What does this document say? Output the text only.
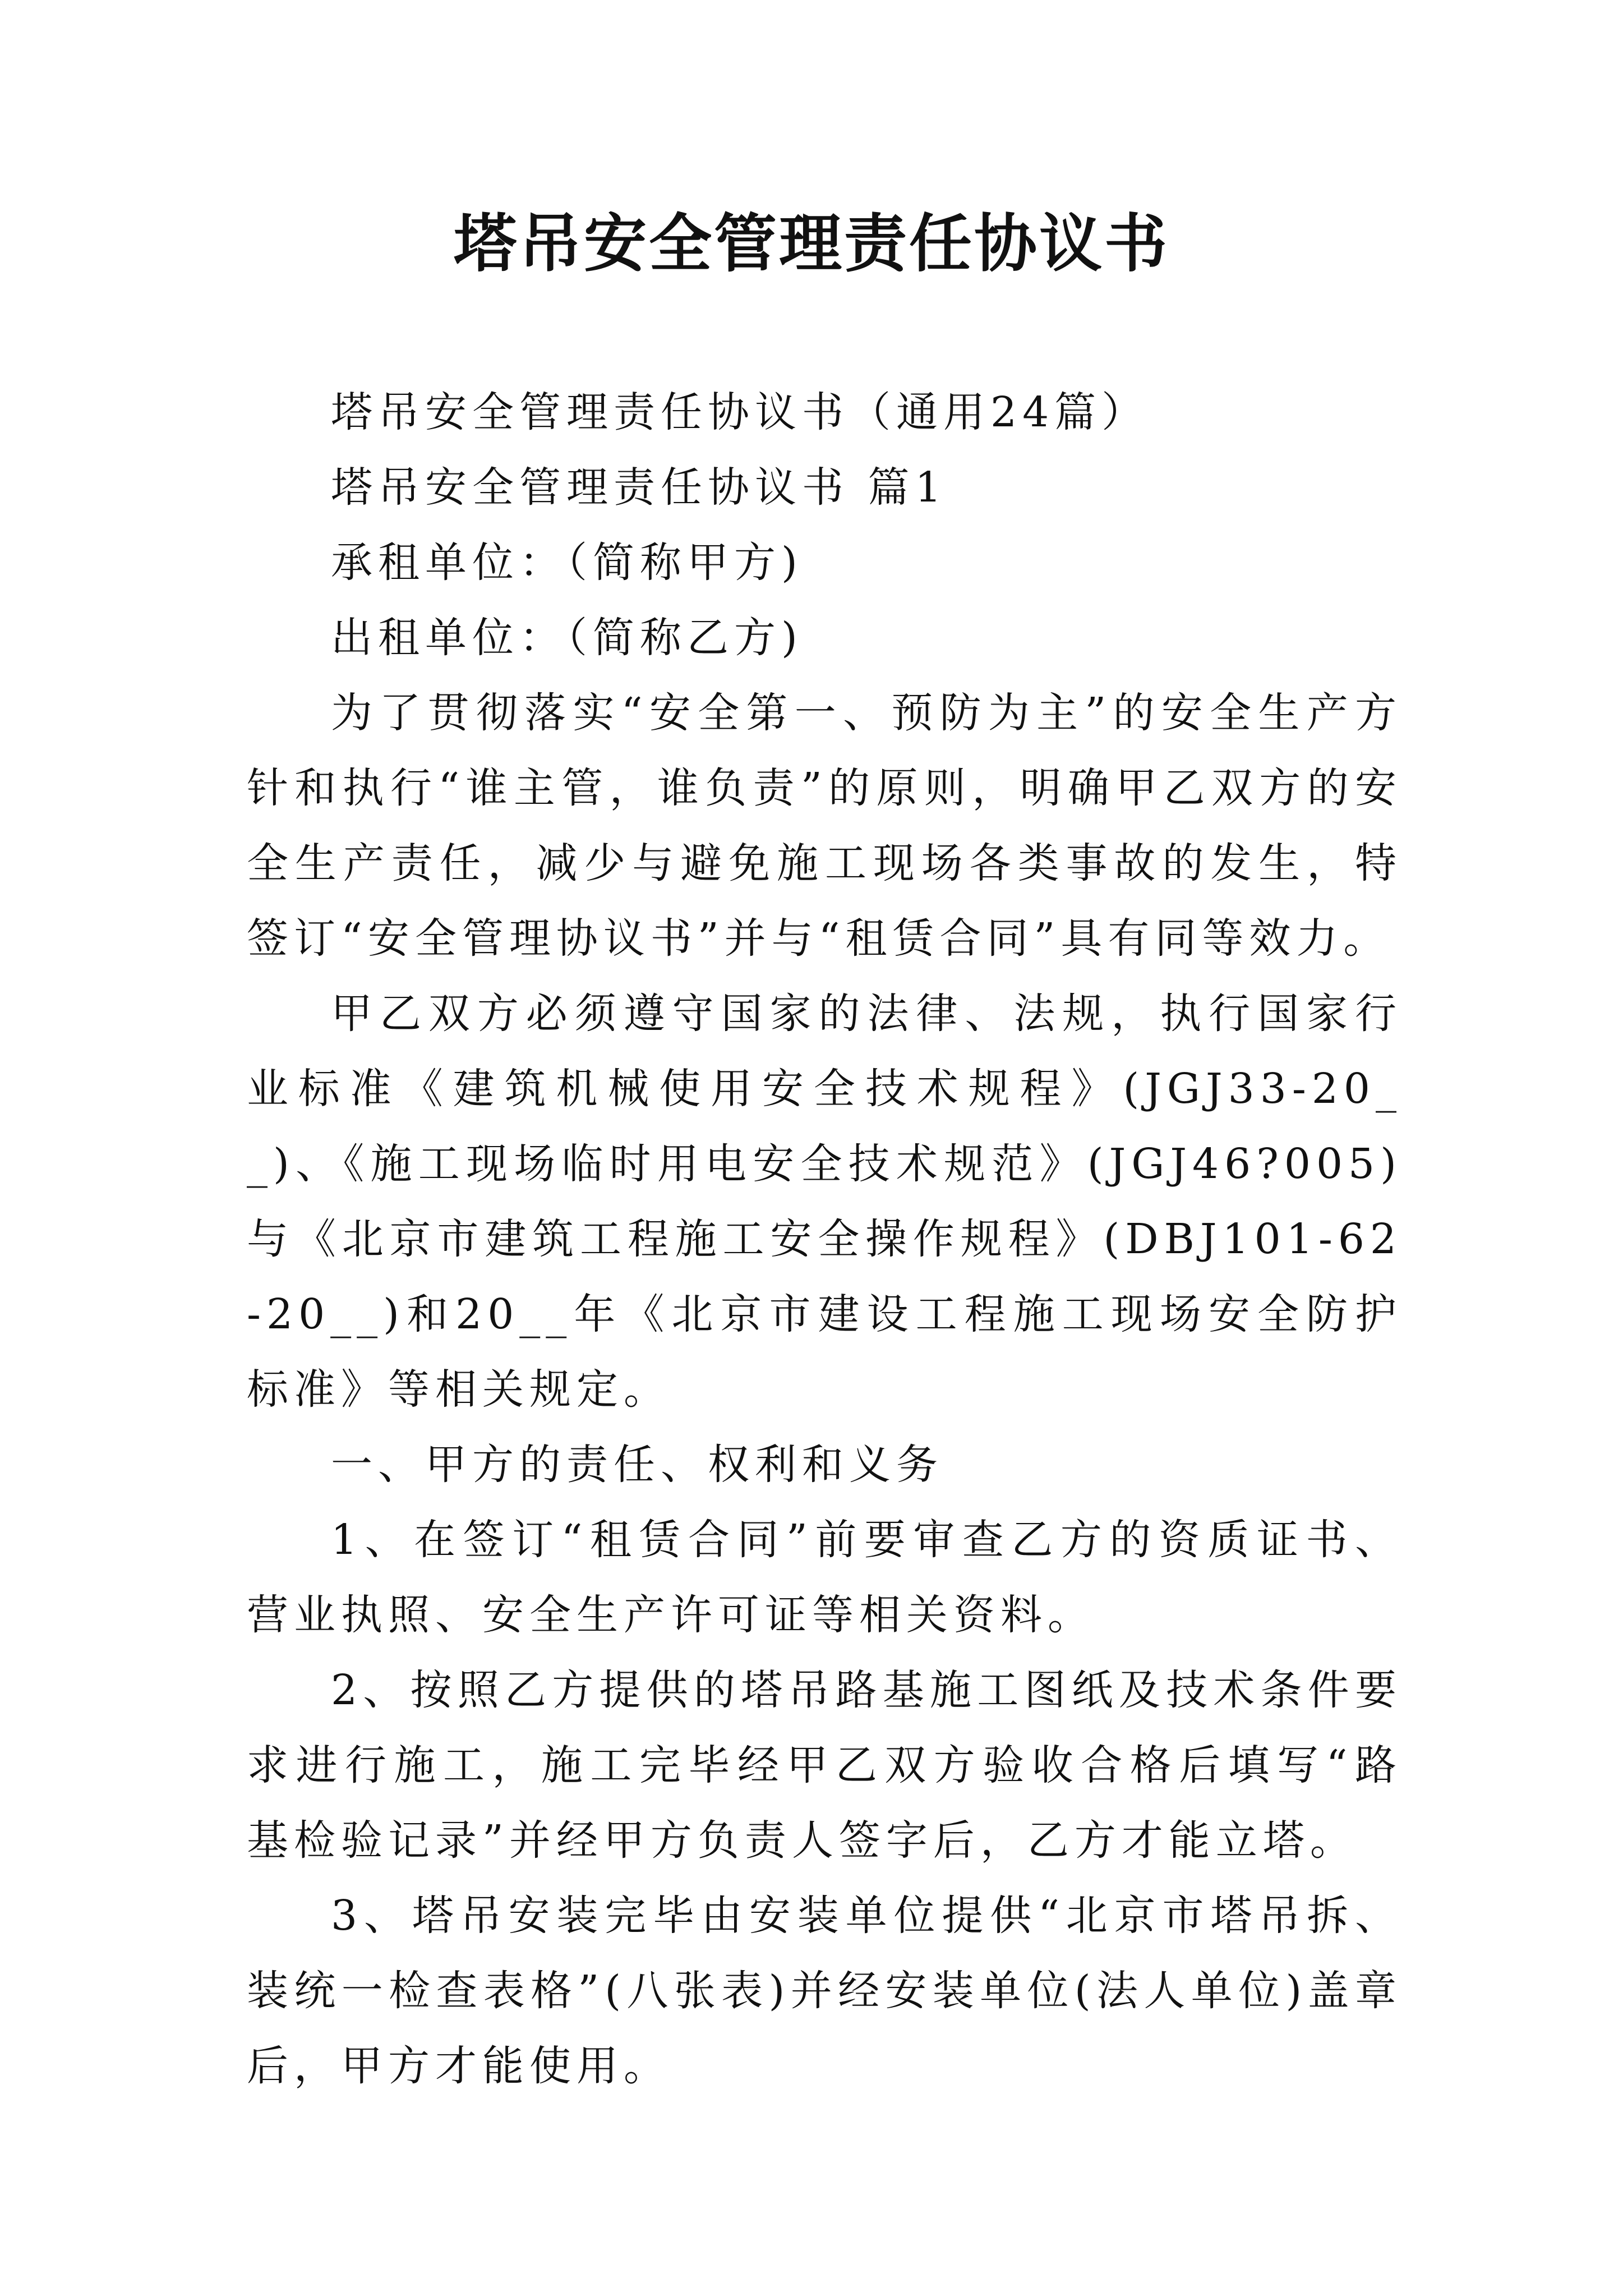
塔吊安全管理责任协议书

塔吊安全管理责任协议书（通用24篇）

塔吊安全管理责任协议书 篇1

承租单位：（简称甲方)

出租单位：（简称乙方)

为了贯彻落实“安全第一、预防为主”的安全生产方针和执行“谁主管，谁负责”的原则，明确甲乙双方的安全生产责任，减少与避免施工现场各类事故的发生，特签订“安全管理协议书”并与“租赁合同”具有同等效力。

甲乙双方必须遵守国家的法律、法规，执行国家行业标准《建筑机械使用安全技术规程》(JGJ33-20__)、《施工现场临时用电安全技术规范》(JGJ46?005)与《北京市建筑工程施工安全操作规程》(DBJ101-62-20__)和20__年《北京市建设工程施工现场安全防护标准》等相关规定。

一、甲方的责任、权利和义务

1、在签订“租赁合同”前要审查乙方的资质证书、营业执照、安全生产许可证等相关资料。

2、按照乙方提供的塔吊路基施工图纸及技术条件要求进行施工，施工完毕经甲乙双方验收合格后填写“路基检验记录”并经甲方负责人签字后，乙方才能立塔。

3、塔吊安装完毕由安装单位提供“北京市塔吊拆、装统一检查表格”(八张表)并经安装单位(法人单位)盖章后，甲方才能使用。
